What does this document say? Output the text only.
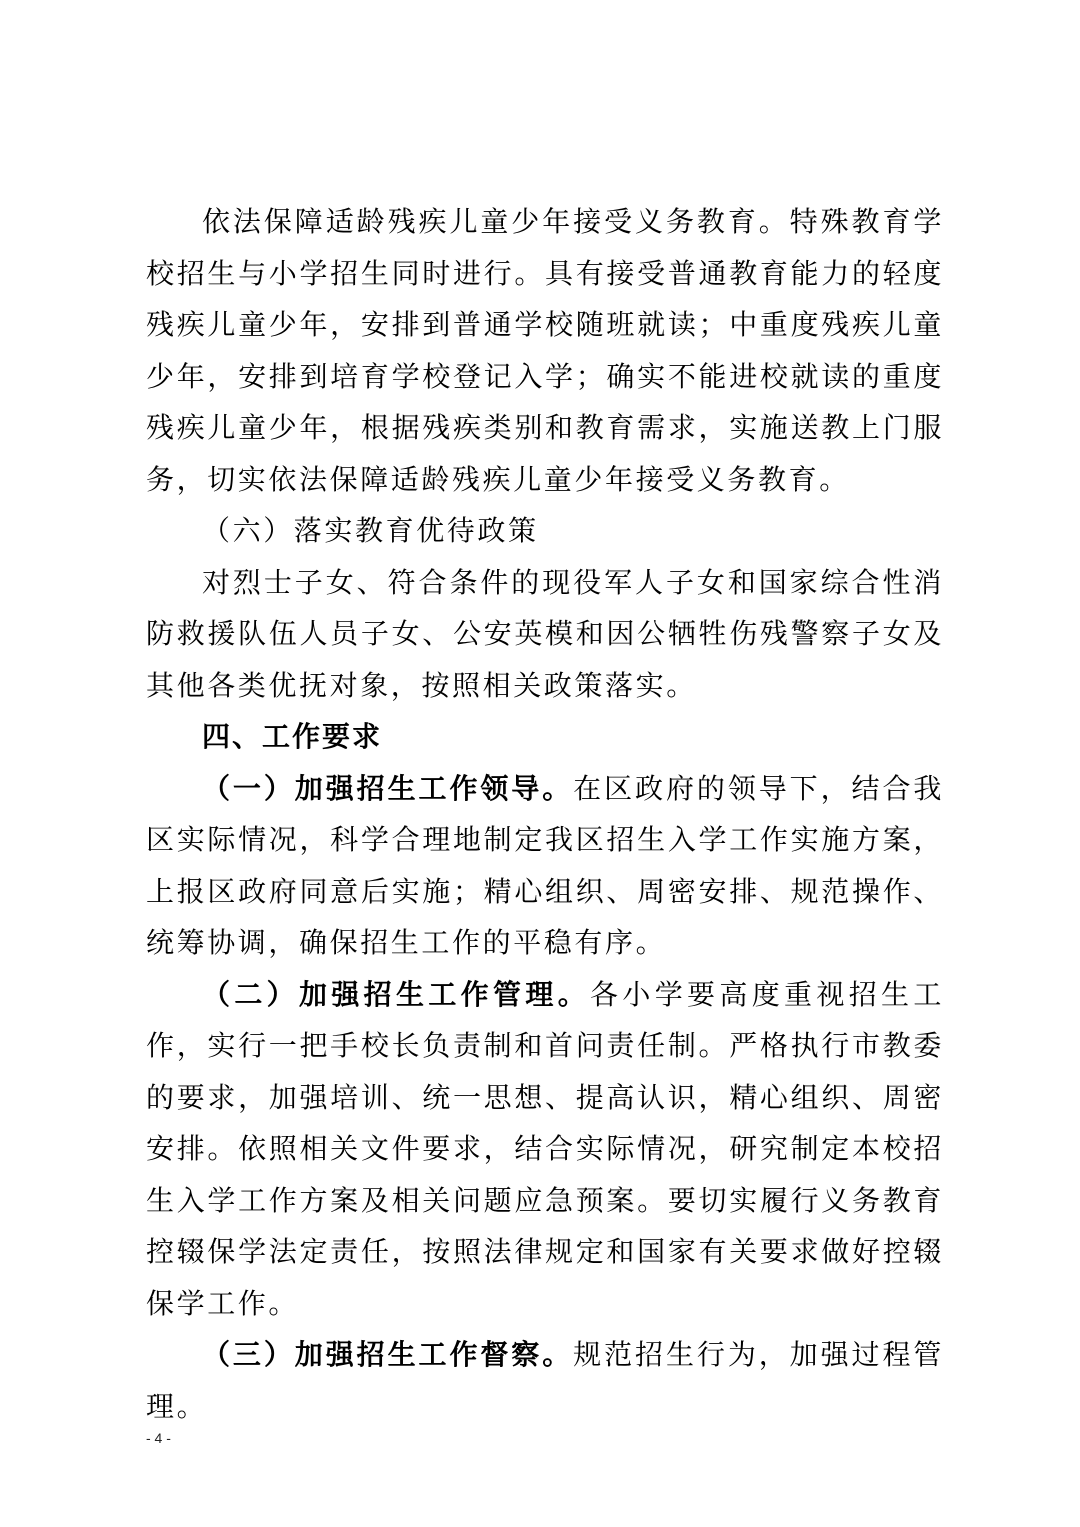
依法保障适龄残疾儿童少年接受义务教育。特殊教育学校招生与小学招生同时进行。具有接受普通教育能力的轻度残疾儿童少年，安排到普通学校随班就读；中重度残疾儿童少年，安排到培育学校登记入学；确实不能进校就读的重度残疾儿童少年，根据残疾类别和教育需求，实施送教上门服务，切实依法保障适龄残疾儿童少年接受义务教育。

（六）落实教育优待政策

对烈士子女、符合条件的现役军人子女和国家综合性消防救援队伍人员子女、公安英模和因公牺牲伤残警察子女及其他各类优抚对象，按照相关政策落实。

四、工作要求

（一）加强招生工作领导。在区政府的领导下，结合我区实际情况，科学合理地制定我区招生入学工作实施方案，上报区政府同意后实施；精心组织、周密安排、规范操作、统筹协调，确保招生工作的平稳有序。

（二）加强招生工作管理。各小学要高度重视招生工作，实行一把手校长负责制和首问责任制。严格执行市教委的要求，加强培训、统一思想、提高认识，精心组织、周密安排。依照相关文件要求，结合实际情况，研究制定本校招生入学工作方案及相关问题应急预案。要切实履行义务教育控辍保学法定责任，按照法律规定和国家有关要求做好控辍保学工作。

（三）加强招生工作督察。规范招生行为，加强过程管理。

- 4 -
